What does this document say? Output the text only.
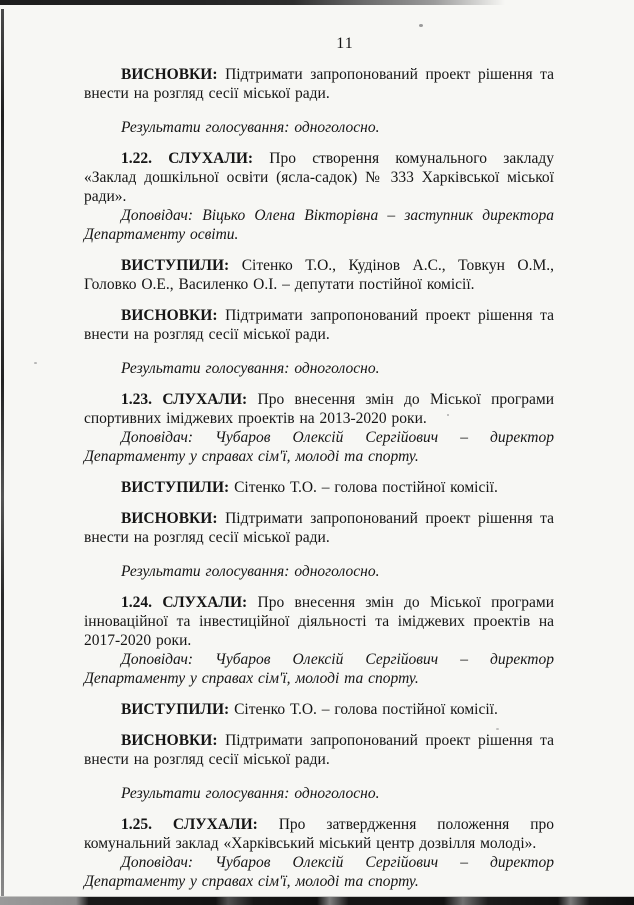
11

ВИСНОВКИ: Підтримати запропонований проект рішення та внести на розгляд сесії міської ради.

Результати голосування: одноголосно.

1.22. СЛУХАЛИ: Про створення комунального закладу «Заклад дошкільної освіти (ясла-садок) № 333 Харківської міської ради».

Доповідач: Віцько Олена Вікторівна – заступник директора Департаменту освіти.

ВИСТУПИЛИ: Сітенко Т.О., Кудінов А.С., Товкун О.М., Головко О.Е., Василенко О.І. – депутати постійної комісії.

ВИСНОВКИ: Підтримати запропонований проект рішення та внести на розгляд сесії міської ради.

Результати голосування: одноголосно.

1.23. СЛУХАЛИ: Про внесення змін до Міської програми спортивних іміджевих проектів на 2013-2020 роки.

Доповідач: Чубаров Олексій Сергійович – директор Департаменту у справах сім'ї, молоді та спорту.

ВИСТУПИЛИ: Сітенко Т.О. – голова постійної комісії.

ВИСНОВКИ: Підтримати запропонований проект рішення та внести на розгляд сесії міської ради.

Результати голосування: одноголосно.

1.24. СЛУХАЛИ: Про внесення змін до Міської програми інноваційної та інвестиційної діяльності та іміджевих проектів на 2017-2020 роки.

Доповідач: Чубаров Олексій Сергійович – директор Департаменту у справах сім'ї, молоді та спорту.

ВИСТУПИЛИ: Сітенко Т.О. – голова постійної комісії.

ВИСНОВКИ: Підтримати запропонований проект рішення та внести на розгляд сесії міської ради.

Результати голосування: одноголосно.

1.25. СЛУХАЛИ: Про затвердження положення про комунальний заклад «Харківський міський центр дозвілля молоді».

Доповідач: Чубаров Олексій Сергійович – директор Департаменту у справах сім'ї, молоді та спорту.
